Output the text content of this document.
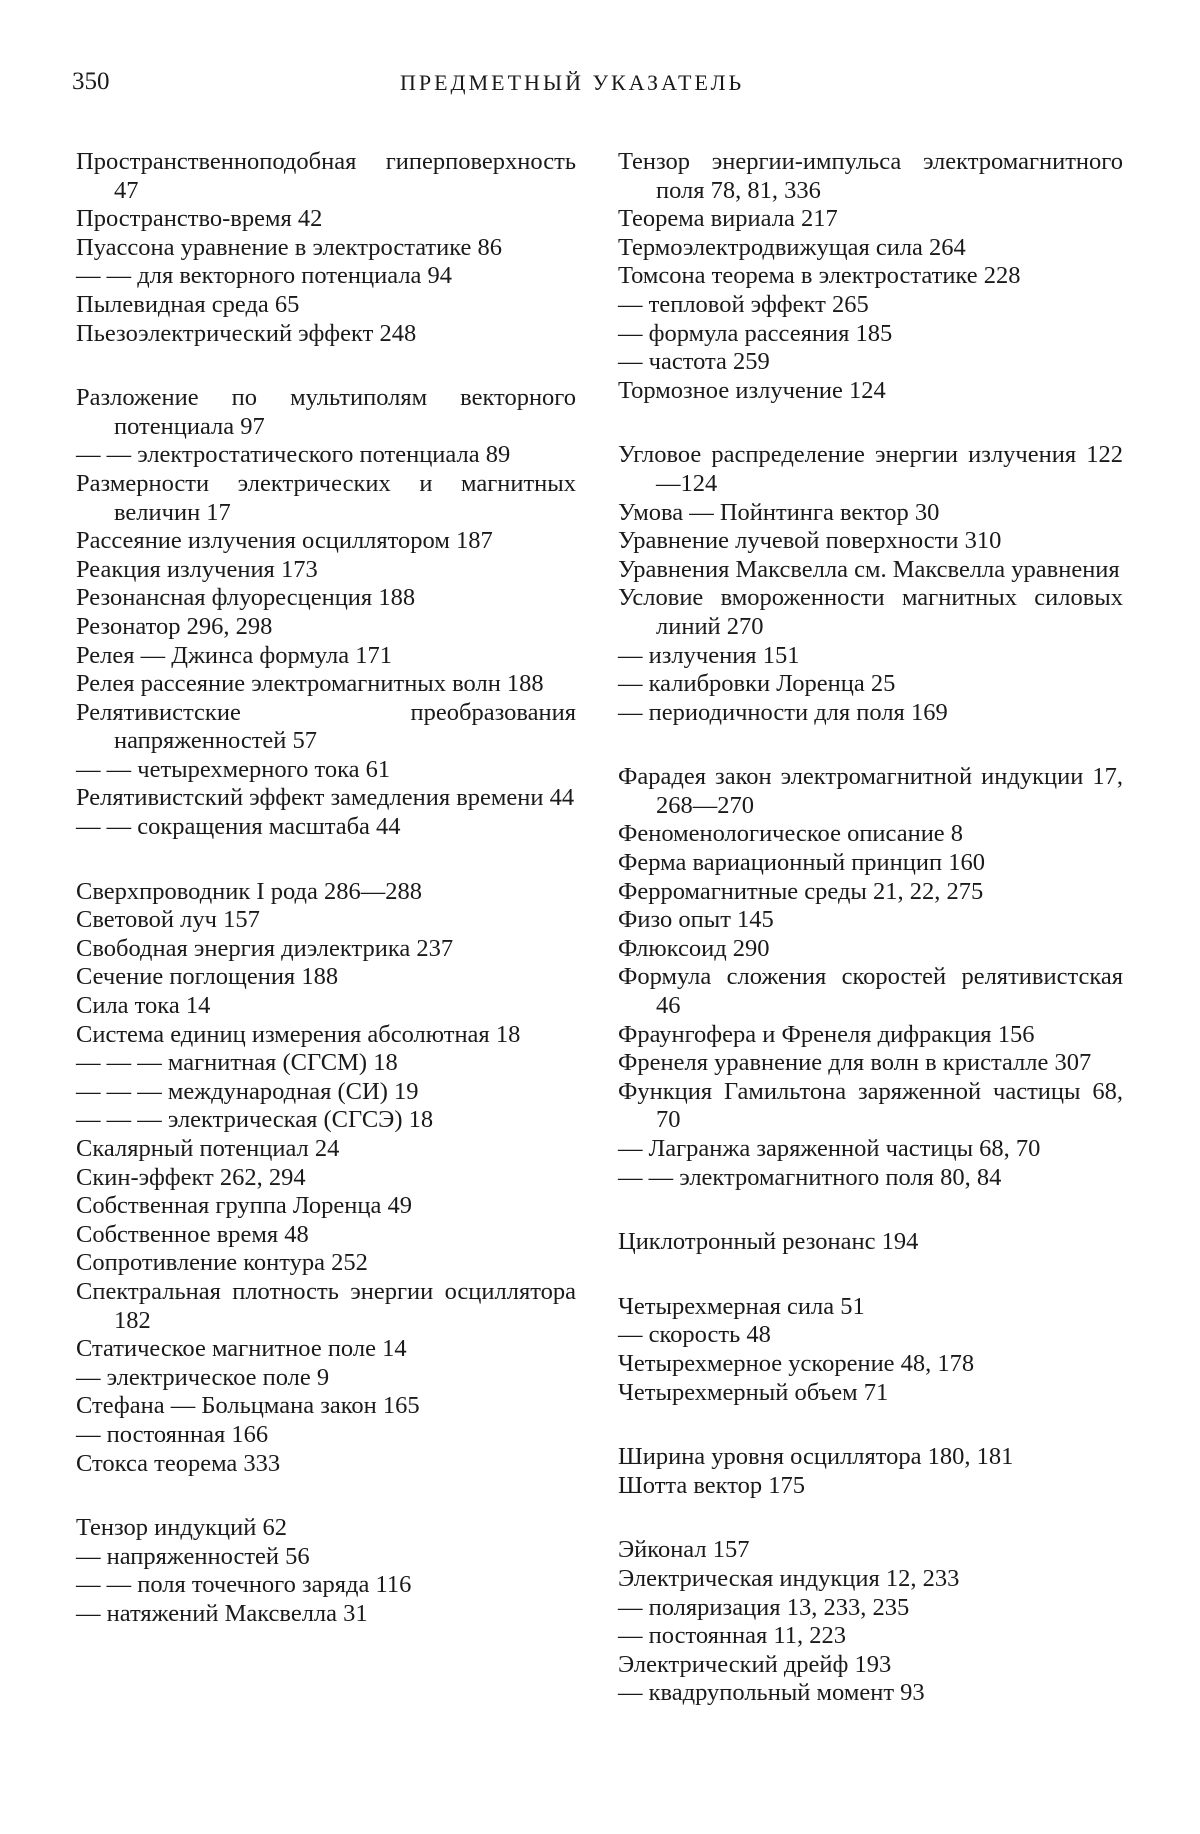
350	ПРЕДМЕТНЫЙ УКАЗАТЕЛЬ
Пространственноподобная гиперповерхность 47
Пространство-время 42
Пуассона уравнение в электростатике 86
— — для векторного потенциала 94
Пылевидная среда 65
Пьезоэлектрический эффект 248
Разложение по мультиполям векторного потенциала 97
— — электростатического потенциала 89
Размерности электрических и магнитных величин 17
Рассеяние излучения осциллятором 187
Реакция излучения 173
Резонансная флуоресценция 188
Резонатор 296, 298
Релея — Джинса формула 171
Релея рассеяние электромагнитных волн 188
Релятивистские преобразования напряженностей 57
— — четырехмерного тока 61
Релятивистский эффект замедления времени 44
— — сокращения масштаба 44
Сверхпроводник I рода 286—288
Световой луч 157
Свободная энергия диэлектрика 237
Сечение поглощения 188
Сила тока 14
Система единиц измерения абсолютная 18
— — — магнитная (СГСМ) 18
— — — международная (СИ) 19
— — — электрическая (СГСЭ) 18
Скалярный потенциал 24
Скин-эффект 262, 294
Собственная группа Лоренца 49
Собственное время 48
Сопротивление контура 252
Спектральная плотность энергии осциллятора 182
Статическое магнитное поле 14
— электрическое поле 9
Стефана — Больцмана закон 165
— постоянная 166
Стокса теорема 333
Тензор индукций 62
— напряженностей 56
— — поля точечного заряда 116
— натяжений Максвелла 31
Тензор энергии-импульса электромагнитного поля 78, 81, 336
Теорема вириала 217
Термоэлектродвижущая сила 264
Томсона теорема в электростатике 228
— тепловой эффект 265
— формула рассеяния 185
— частота 259
Тормозное излучение 124
Угловое распределение энергии излучения 122—124
Умова — Пойнтинга вектор 30
Уравнение лучевой поверхности 310
Уравнения Максвелла см. Максвелла уравнения
Условие вмороженности магнитных силовых линий 270
— излучения 151
— калибровки Лоренца 25
— периодичности для поля 169
Фарадея закон электромагнитной индукции 17, 268—270
Феноменологическое описание 8
Ферма вариационный принцип 160
Ферромагнитные среды 21, 22, 275
Физо опыт 145
Флюксоид 290
Формула сложения скоростей релятивистская 46
Фраунгофера и Френеля дифракция 156
Френеля уравнение для волн в кристалле 307
Функция Гамильтона заряженной частицы 68, 70
— Лагранжа заряженной частицы 68, 70
— — электромагнитного поля 80, 84
Циклотронный резонанс 194
Четырехмерная сила 51
— скорость 48
Четырехмерное ускорение 48, 178
Четырехмерный объем 71
Ширина уровня осциллятора 180, 181
Шотта вектор 175
Эйконал 157
Электрическая индукция 12, 233
— поляризация 13, 233, 235
— постоянная 11, 223
Электрический дрейф 193
— квадрупольный момент 93
